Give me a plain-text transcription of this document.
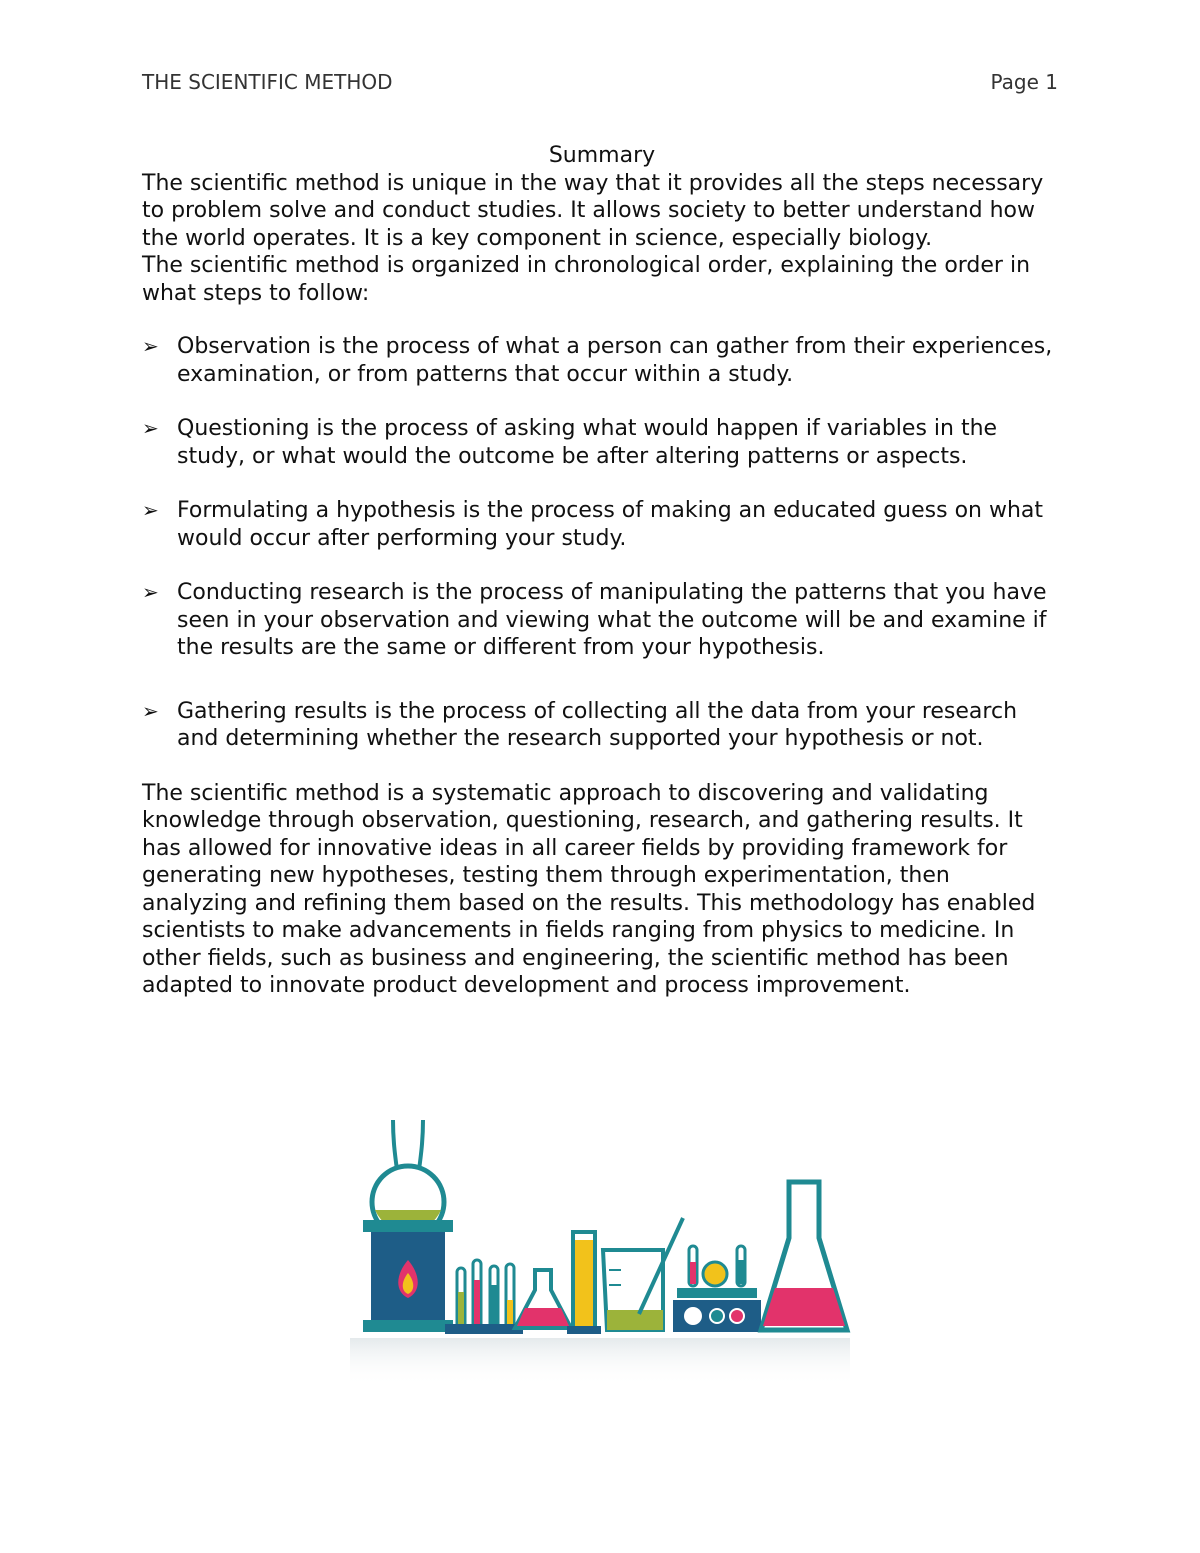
THE SCIENTIFIC METHOD	Page 1

Summary

The scientific method is unique in the way that it provides all the steps necessary to problem solve and conduct studies. It allows society to better understand how the world operates. It is a key component in science, especially biology.

The scientific method is organized in chronological order, explaining the order in what steps to follow:

➢ Observation is the process of what a person can gather from their experiences, examination, or from patterns that occur within a study.
➢ Questioning is the process of asking what would happen if variables in the study, or what would the outcome be after altering patterns or aspects.
➢ Formulating a hypothesis is the process of making an educated guess on what would occur after performing your study.
➢ Conducting research is the process of manipulating the patterns that you have seen in your observation and viewing what the outcome will be and examine if the results are the same or different from your hypothesis.
➢ Gathering results is the process of collecting all the data from your research and determining whether the research supported your hypothesis or not.

The scientific method is a systematic approach to discovering and validating knowledge through observation, questioning, research, and gathering results. It has allowed for innovative ideas in all career fields by providing framework for generating new hypotheses, testing them through experimentation, then analyzing and refining them based on the results. This methodology has enabled scientists to make advancements in fields ranging from physics to medicine. In other fields, such as business and engineering, the scientific method has been adapted to innovate product development and process improvement.
